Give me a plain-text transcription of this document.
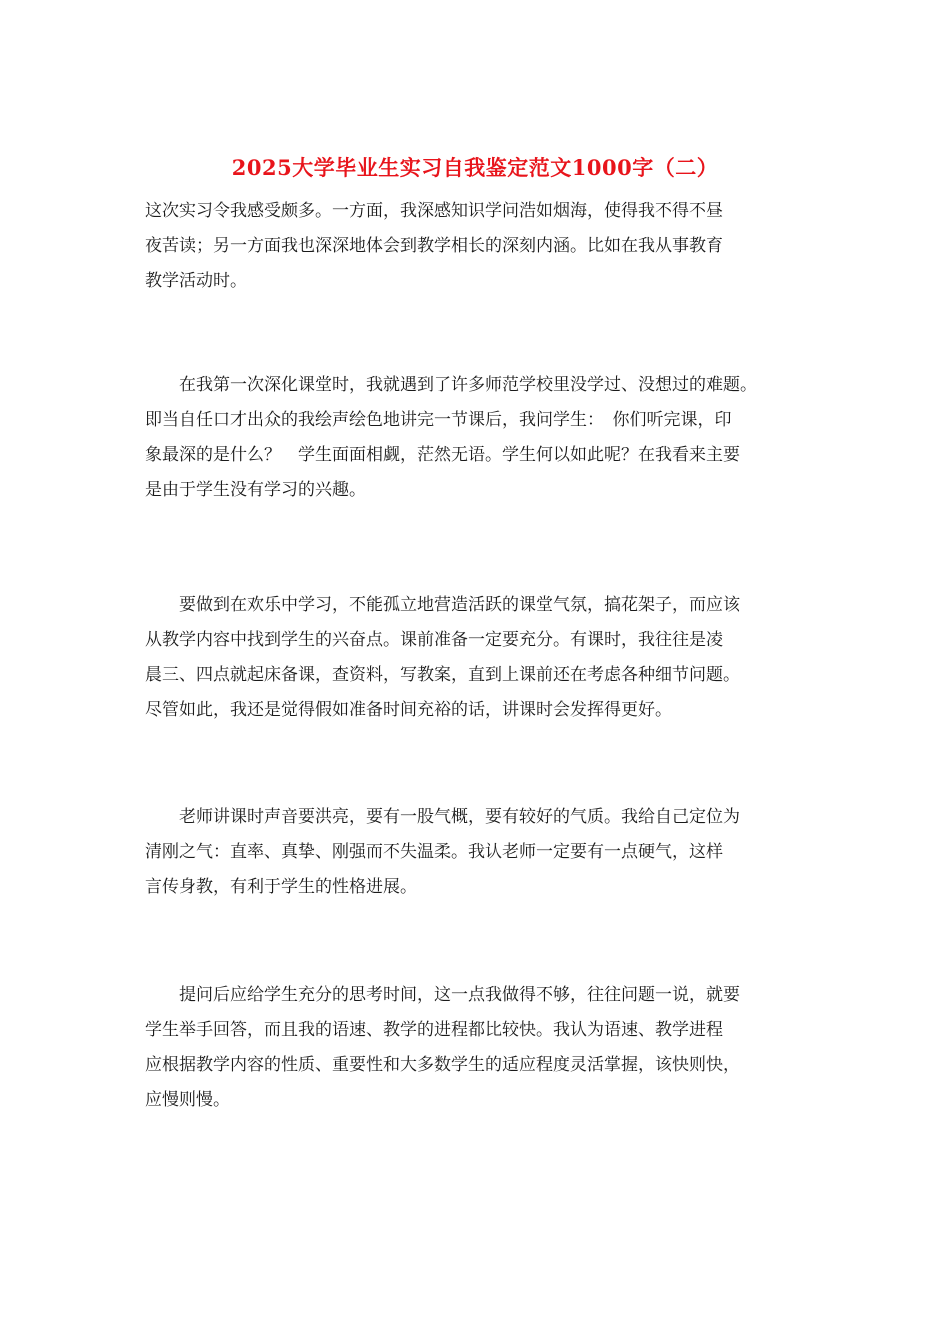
2025大学毕业生实习自我鉴定范文1000字（二）
这次实习令我感受颇多。一方面，我深感知识学问浩如烟海，使得我不得不昼
夜苦读；另一方面我也深深地体会到教学相长的深刻内涵。比如在我从事教育
教学活动时。
　　在我第一次深化课堂时，我就遇到了许多师范学校里没学过、没想过的难题。
即当自任口才出众的我绘声绘色地讲完一节课后，我问学生：　你们听完课，印
象最深的是什么？　学生面面相觑，茫然无语。学生何以如此呢？在我看来主要
是由于学生没有学习的兴趣。
　　要做到在欢乐中学习，不能孤立地营造活跃的课堂气氛，搞花架子，而应该
从教学内容中找到学生的兴奋点。课前准备一定要充分。有课时，我往往是凌
晨三、四点就起床备课，查资料，写教案，直到上课前还在考虑各种细节问题。
尽管如此，我还是觉得假如准备时间充裕的话，讲课时会发挥得更好。
　　老师讲课时声音要洪亮，要有一股气概，要有较好的气质。我给自己定位为
清刚之气：直率、真挚、刚强而不失温柔。我认老师一定要有一点硬气，这样
言传身教，有利于学生的性格进展。
　　提问后应给学生充分的思考时间，这一点我做得不够，往往问题一说，就要
学生举手回答，而且我的语速、教学的进程都比较快。我认为语速、教学进程
应根据教学内容的性质、重要性和大多数学生的适应程度灵活掌握，该快则快，
应慢则慢。
